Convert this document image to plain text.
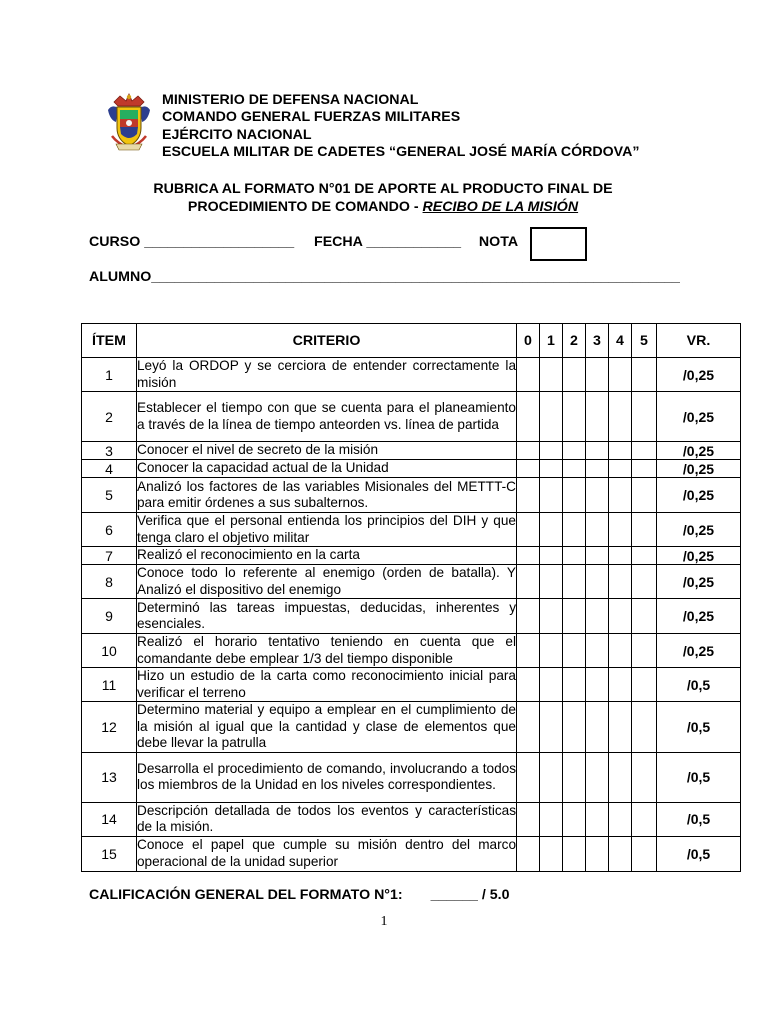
MINISTERIO DE DEFENSA NACIONAL
COMANDO GENERAL FUERZAS MILITARES
EJÉRCITO NACIONAL
ESCUELA MILITAR DE CADETES “GENERAL JOSÉ MARÍA CÓRDOVA”
RUBRICA AL FORMATO N°01 DE APORTE AL PRODUCTO FINAL DE
PROCEDIMIENTO DE COMANDO - RECIBO DE LA MISIÓN
CURSO ___________________ FECHA ____________ NOTA
ALUMNO___________________________________________________________________
ÍTEM	CRITERIO	0	1	2	3	4	5	VR.
1	Leyó la ORDOP y se cerciora de entender correctamente la misión							/0,25
2	Establecer el tiempo con que se cuenta para el planeamiento a través de la línea de tiempo anteorden vs. línea de partida							/0,25
3	Conocer el nivel de secreto de la misión							/0,25
4	Conocer la capacidad actual de la Unidad							/0,25
5	Analizó los factores de las variables Misionales del METTT-C para emitir órdenes a sus subalternos.							/0,25
6	Verifica que el personal entienda los principios del DIH y que tenga claro el objetivo militar							/0,25
7	Realizó el reconocimiento en la carta							/0,25
8	Conoce todo lo referente al enemigo (orden de batalla). Y Analizó el dispositivo del enemigo							/0,25
9	Determinó las tareas impuestas, deducidas, inherentes y esenciales.							/0,25
10	Realizó el horario tentativo teniendo en cuenta que el comandante debe emplear 1/3 del tiempo disponible							/0,25
11	Hizo un estudio de la carta como reconocimiento inicial para verificar el terreno							/0,5
12	Determino material y equipo a emplear en el cumplimiento de la misión al igual que la cantidad y clase de elementos que debe llevar la patrulla							/0,5
13	Desarrolla el procedimiento de comando, involucrando a todos los miembros de la Unidad en los niveles correspondientes.							/0,5
14	Descripción detallada de todos los eventos y características de la misión.							/0,5
15	Conoce el papel que cumple su misión dentro del marco operacional de la unidad superior							/0,5
CALIFICACIÓN GENERAL DEL FORMATO N°1: ______ / 5.0
1
